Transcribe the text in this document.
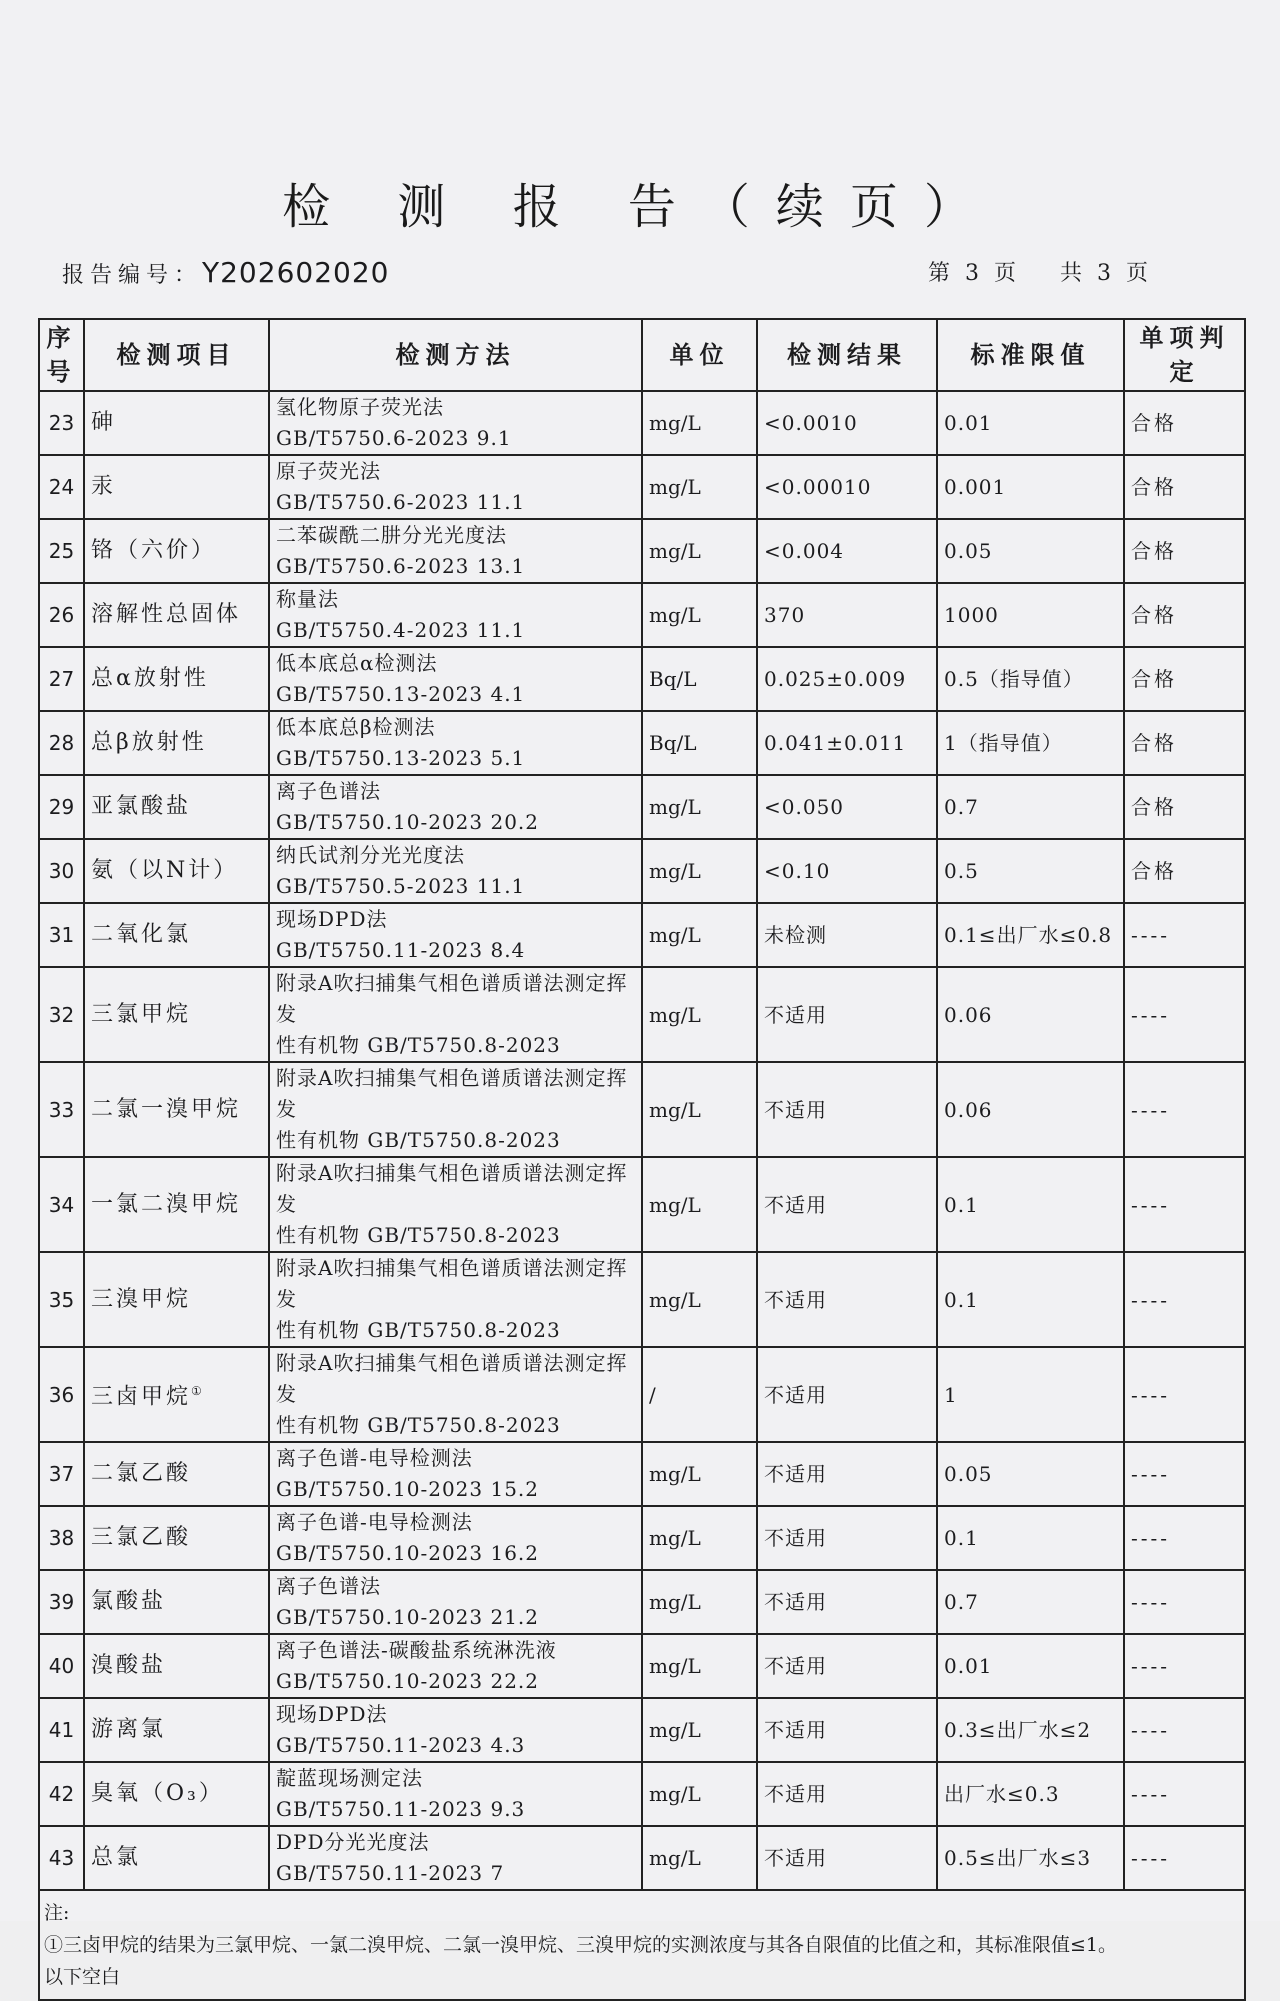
检 测 报 告（续页）
报告编号：Y202602020	第 3 页 共 3 页
序号	检测项目	检测方法	单位	检测结果	标准限值	单项判定
23	砷	氢化物原子荧光法
GB/T5750.6-2023 9.1	mg/L	<0.0010	0.01	合格
24	汞	原子荧光法
GB/T5750.6-2023 11.1	mg/L	<0.00010	0.001	合格
25	铬（六价）	二苯碳酰二肼分光光度法
GB/T5750.6-2023 13.1	mg/L	<0.004	0.05	合格
26	溶解性总固体	称量法
GB/T5750.4-2023 11.1	mg/L	370	1000	合格
27	总α放射性	低本底总α检测法
GB/T5750.13-2023 4.1	Bq/L	0.025±0.009	0.5（指导值）	合格
28	总β放射性	低本底总β检测法
GB/T5750.13-2023 5.1	Bq/L	0.041±0.011	1（指导值）	合格
29	亚氯酸盐	离子色谱法
GB/T5750.10-2023 20.2	mg/L	<0.050	0.7	合格
30	氨（以N计）	纳氏试剂分光光度法
GB/T5750.5-2023 11.1	mg/L	<0.10	0.5	合格
31	二氧化氯	现场DPD法
GB/T5750.11-2023 8.4	mg/L	未检测	0.1≤出厂水≤0.8	----
32	三氯甲烷	附录A吹扫捕集气相色谱质谱法测定挥发
性有机物 GB/T5750.8-2023	mg/L	不适用	0.06	----
33	二氯一溴甲烷	附录A吹扫捕集气相色谱质谱法测定挥发
性有机物 GB/T5750.8-2023	mg/L	不适用	0.06	----
34	一氯二溴甲烷	附录A吹扫捕集气相色谱质谱法测定挥发
性有机物 GB/T5750.8-2023	mg/L	不适用	0.1	----
35	三溴甲烷	附录A吹扫捕集气相色谱质谱法测定挥发
性有机物 GB/T5750.8-2023	mg/L	不适用	0.1	----
36	三卤甲烷①	附录A吹扫捕集气相色谱质谱法测定挥发
性有机物 GB/T5750.8-2023	/	不适用	1	----
37	二氯乙酸	离子色谱-电导检测法
GB/T5750.10-2023 15.2	mg/L	不适用	0.05	----
38	三氯乙酸	离子色谱-电导检测法
GB/T5750.10-2023 16.2	mg/L	不适用	0.1	----
39	氯酸盐	离子色谱法
GB/T5750.10-2023 21.2	mg/L	不适用	0.7	----
40	溴酸盐	离子色谱法-碳酸盐系统淋洗液
GB/T5750.10-2023 22.2	mg/L	不适用	0.01	----
41	游离氯	现场DPD法
GB/T5750.11-2023 4.3	mg/L	不适用	0.3≤出厂水≤2	----
42	臭氧（O₃）	靛蓝现场测定法
GB/T5750.11-2023 9.3	mg/L	不适用	出厂水≤0.3	----
43	总氯	DPD分光光度法
GB/T5750.11-2023 7	mg/L	不适用	0.5≤出厂水≤3	----

注:
①三卤甲烷的结果为三氯甲烷、一氯二溴甲烷、二氯一溴甲烷、三溴甲烷的实测浓度与其各自限值的比值之和，其标准限值≤1。
以下空白						
